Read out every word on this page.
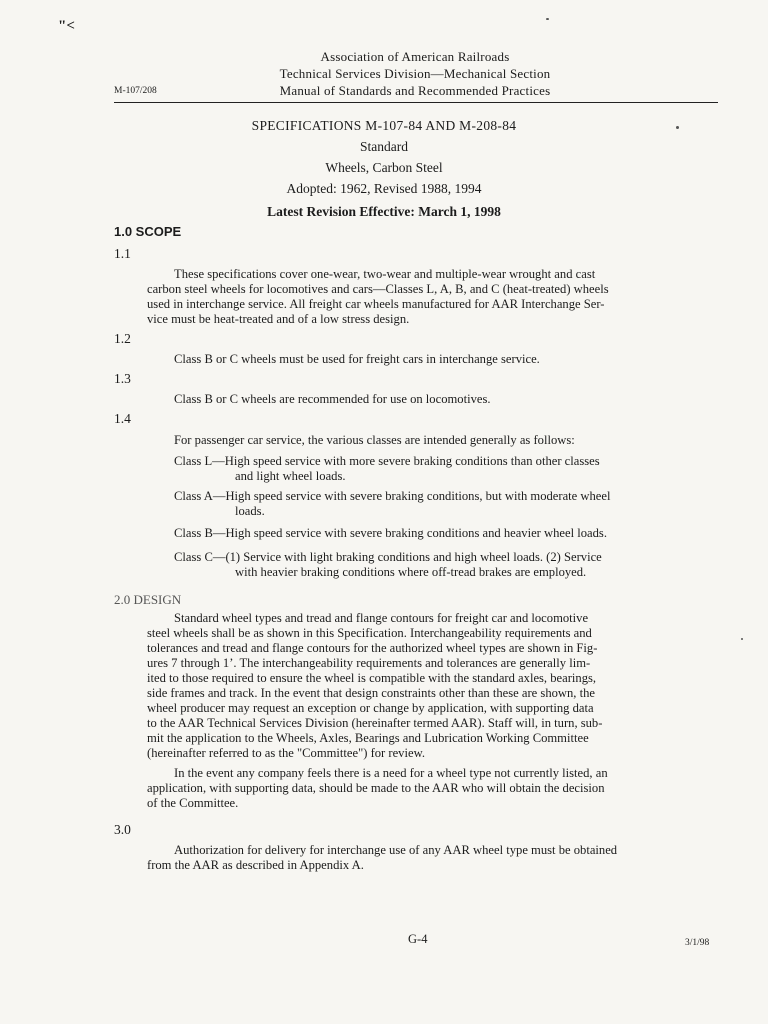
"<
Association of American Railroads
Technical Services Division—Mechanical Section
Manual of Standards and Recommended Practices
M-107/208
SPECIFICATIONS M-107-84 AND M-208-84
Standard
Wheels, Carbon Steel
Adopted: 1962, Revised 1988, 1994
Latest Revision Effective: March 1, 1998
1.0 SCOPE
1.1
These specifications cover one-wear, two-wear and multiple-wear wrought and cast
carbon steel wheels for locomotives and cars—Classes L, A, B, and C (heat-treated) wheels
used in interchange service. All freight car wheels manufactured for AAR Interchange Ser-
vice must be heat-treated and of a low stress design.
1.2
Class B or C wheels must be used for freight cars in interchange service.
1.3
Class B or C wheels are recommended for use on locomotives.
1.4
For passenger car service, the various classes are intended generally as follows:
Class L—High speed service with more severe braking conditions than other classes
and light wheel loads.
Class A—High speed service with severe braking conditions, but with moderate wheel
loads.
Class B—High speed service with severe braking conditions and heavier wheel loads.
Class C—(1) Service with light braking conditions and high wheel loads. (2) Service
with heavier braking conditions where off-tread brakes are employed.
2.0 DESIGN
Standard wheel types and tread and flange contours for freight car and locomotive
steel wheels shall be as shown in this Specification. Interchangeability requirements and
tolerances and tread and flange contours for the authorized wheel types are shown in Fig-
ures 7 through 1’. The interchangeability requirements and tolerances are generally lim-
ited to those required to ensure the wheel is compatible with the standard axles, bearings,
side frames and track. In the event that design constraints other than these are shown, the
wheel producer may request an exception or change by application, with supporting data
to the AAR Technical Services Division (hereinafter termed AAR). Staff will, in turn, sub-
mit the application to the Wheels, Axles, Bearings and Lubrication Working Committee
(hereinafter referred to as the "Committee") for review.
In the event any company feels there is a need for a wheel type not currently listed, an
application, with supporting data, should be made to the AAR who will obtain the decision
of the Committee.
3.0
Authorization for delivery for interchange use of any AAR wheel type must be obtained
from the AAR as described in Appendix A.
G-4	3/1/98
